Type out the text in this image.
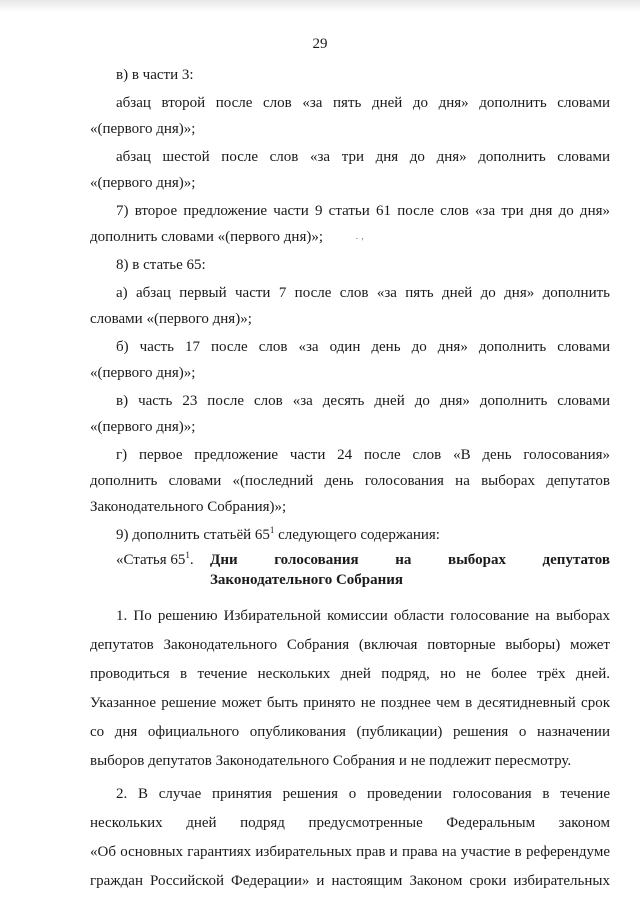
29
˙ ′
в) в части 3:
абзац второй после слов «за пять дней до дня» дополнить словами
«(первого дня)»;
абзац шестой после слов «за три дня до дня» дополнить словами
«(первого дня)»;
7) второе предложение части 9 статьи 61 после слов «за три дня до дня»
дополнить словами «(первого дня)»;
8) в статье 65:
а) абзац первый части 7 после слов «за пять дней до дня» дополнить
словами «(первого дня)»;
б) часть 17 после слов «за один день до дня» дополнить словами
«(первого дня)»;
в) часть 23 после слов «за десять дней до дня» дополнить словами
«(первого дня)»;
г) первое предложение части 24 после слов «В день голосования»
дополнить словами «(последний день голосования на выборах депутатов
Законодательного Собрания)»;
9) дополнить статьёй $65^1$ следующего содержания:
«Статья $65^1$. Дни голосования на выборах депутатов
Законодательного Собрания
1. По решению Избирательной комиссии области голосование на выборах
депутатов Законодательного Собрания (включая повторные выборы) может
проводиться в течение нескольких дней подряд, но не более трёх дней.
Указанное решение может быть принято не позднее чем в десятидневный срок
со дня официального опубликования (публикации) решения о назначении
выборов депутатов Законодательного Собрания и не подлежит пересмотру.
2. В случае принятия решения о проведении голосования в течение
нескольких дней подряд предусмотренные Федеральным законом
«Об основных гарантиях избирательных прав и права на участие в референдуме
граждан Российской Федерации» и настоящим Законом сроки избирательных
